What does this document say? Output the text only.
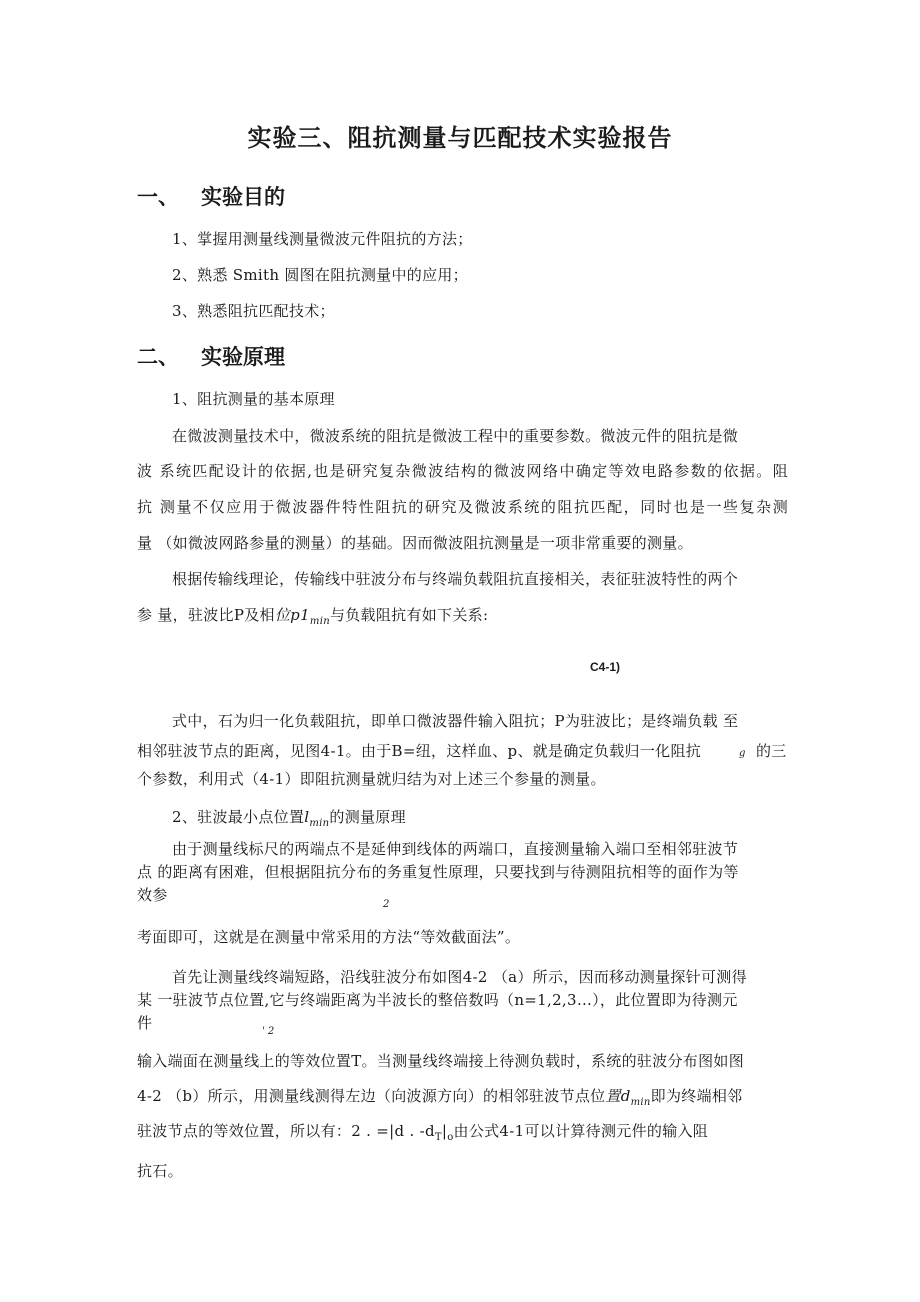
实验三、阻抗测量与匹配技术实验报告
一、 实验目的
1、掌握用测量线测量微波元件阻抗的方法；
2、熟悉 Smith 圆图在阻抗测量中的应用；
3、熟悉阻抗匹配技术；
二、 实验原理
1、阻抗测量的基本原理
在微波测量技术中，微波系统的阻抗是微波工程中的重要参数。微波元件的阻抗是微
波 系统匹配设计的依据,也是研究复杂微波结构的微波网络中确定等效电路参数的依据。阻
抗 测量不仅应用于微波器件特性阻抗的研究及微波系统的阻抗匹配，同时也是一些复杂测
量 （如微波网路参量的测量）的基础。因而微波阻抗测量是一项非常重要的测量。
根据传输线理论，传输线中驻波分布与终端负载阻抗直接相关，表征驻波特性的两个
参 量，驻波比P及相位$p1_{min}$与负载阻抗有如下关系:
C4-1)
式中，石为归一化负载阻抗，即单口微波器件输入阻抗；P为驻波比；是终端负载 至
相邻驻波节点的距离，见图4-1。由于B=纽，这样血、p、就是确定负载归一化阻抗	g 的三
个参数，利用式（4-1）即阻抗测量就归结为对上述三个参量的测量。
2、驻波最小点位置$l_{min}$的测量原理
由于测量线标尺的两端点不是延伸到线体的两端口，直接测量输入端口至相邻驻波节
点 的距离有困难，但根据阻抗分布的务重复性原理，只要找到与待测阻抗相等的面作为等
效参
2
考面即可，这就是在测量中常采用的方法“等效截面法”。
首先让测量线终端短路，沿线驻波分布如图4-2 （a）所示，因而移动测量探针可测得
某 一驻波节点位置,它与终端距离为半波长的整倍数吗（n=1,2,3…），此位置即为待测元
件	' 2
输入端面在测量线上的等效位置T。当测量线终端接上待测负载时，系统的驻波分布图如图
4-2 （b）所示，用测量线测得左边（向波源方向）的相邻驻波节点位置$d_{min}$即为终端相邻
驻波节点的等效位置，所以有：2 . =|d . $-d_T|_o$由公式4-1可以计算待测元件的输入阻
抗石。
